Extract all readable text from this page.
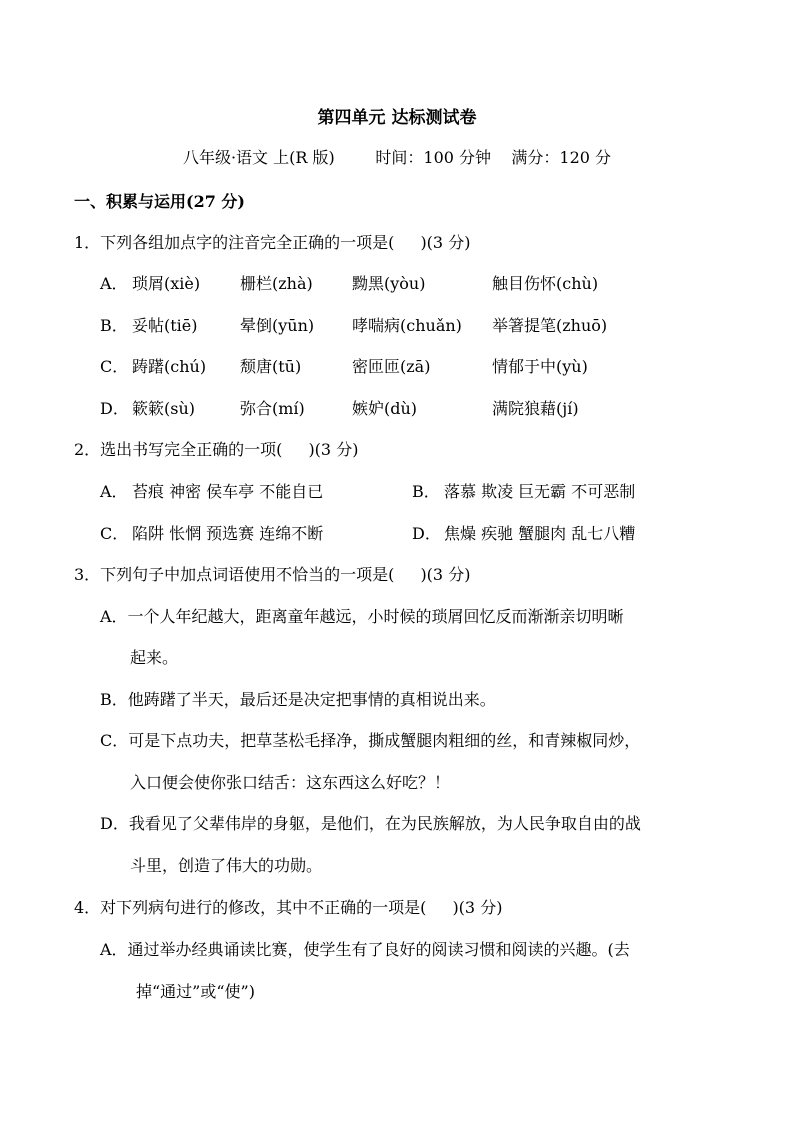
第四单元 达标测试卷
八年级·语文 上(R 版)        时间：100 分钟    满分：120 分
一、积累与运用(27 分)
1．下列各组加点字的注音完全正确的一项是( )(3 分)
A． 琐屑(xiè) 栅栏(zhà) 黝黑(yòu)	触目伤怀(chù)
B． 妥帖(tiē)	晕倒(yūn) 哮喘病(chuǎn) 举箸提笔(zhuō)
C． 踌躇(chú) 颓唐(tū)	密匝匝(zā)	情郁于中(yù)
D． 簌簌(sù)	弥合(mí)	嫉妒(dù)	满院狼藉(jí)
2．选出书写完全正确的一项( )(3 分)
A． 苔痕 神密 侯车亭 不能自已	B． 落慕 欺凌 巨无霸 不可恶制
C． 陷阱 怅惘 预选赛 连绵不断	D． 焦燥 疾驰 蟹腿肉 乱七八糟
3．下列句子中加点词语使用不恰当的一项是( )(3 分)
A．一个人年纪越大，距离童年越远，小时候的琐屑回忆反而渐渐亲切明晰
起来。
B．他踌躇了半天，最后还是决定把事情的真相说出来。
C．可是下点功夫，把草茎松毛择净，撕成蟹腿肉粗细的丝，和青辣椒同炒，
入口便会使你张口结舌：这东西这么好吃？！
D．我看见了父辈伟岸的身躯，是他们，在为民族解放，为人民争取自由的战
斗里，创造了伟大的功勋。
4．对下列病句进行的修改，其中不正确的一项是( )(3 分)
A．通过举办经典诵读比赛，使学生有了良好的阅读习惯和阅读的兴趣。(去
掉“通过”或“使”)
